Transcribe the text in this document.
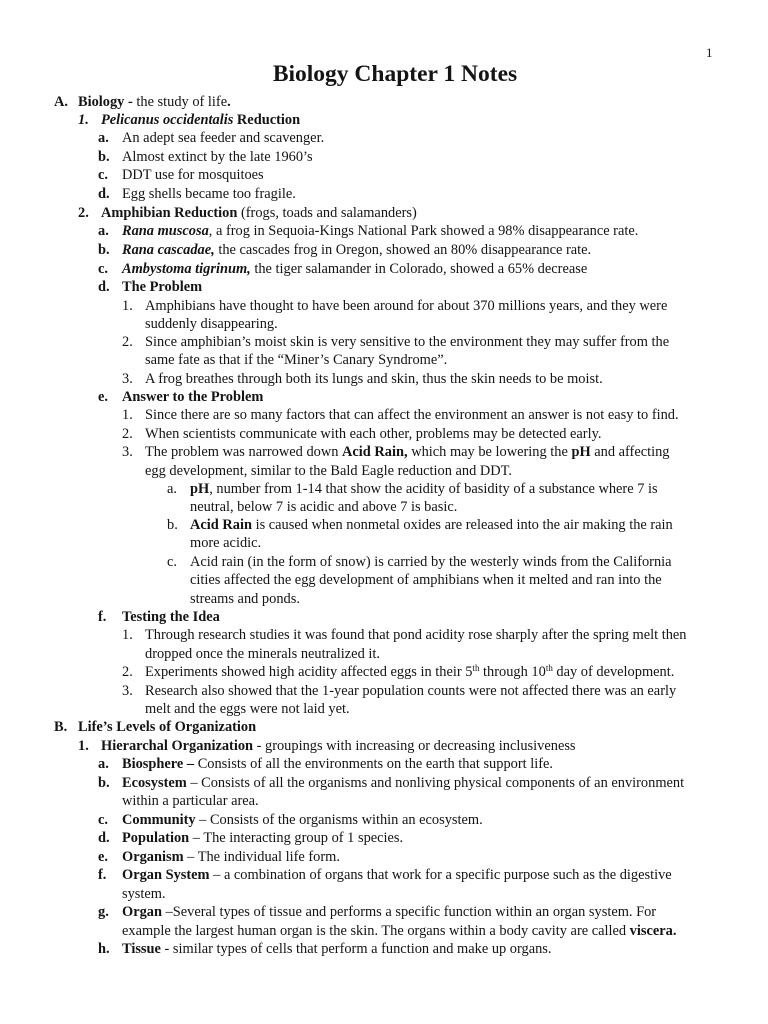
1
Biology Chapter 1 Notes
A. Biology - the study of life.
1. Pelicanus occidentalis Reduction
a. An adept sea feeder and scavenger.
b. Almost extinct by the late 1960’s
c. DDT use for mosquitoes
d. Egg shells became too fragile.
2. Amphibian Reduction (frogs, toads and salamanders)
a. Rana muscosa, a frog in Sequoia-Kings National Park showed a 98% disappearance rate.
b. Rana cascadae, the cascades frog in Oregon, showed an 80% disappearance rate.
c. Ambystoma tigrinum, the tiger salamander in Colorado, showed a 65% decrease
d. The Problem
1. Amphibians have thought to have been around for about 370 millions years, and they were
suddenly disappearing.
2. Since amphibian’s moist skin is very sensitive to the environment they may suffer from the
same fate as that if the “Miner’s Canary Syndrome”.
3. A frog breathes through both its lungs and skin, thus the skin needs to be moist.
e. Answer to the Problem
1. Since there are so many factors that can affect the environment an answer is not easy to find.
2. When scientists communicate with each other, problems may be detected early.
3. The problem was narrowed down Acid Rain, which may be lowering the pH and affecting
egg development, similar to the Bald Eagle reduction and DDT.
a. pH, number from 1-14 that show the acidity of basidity of a substance where 7 is
neutral, below 7 is acidic and above 7 is basic.
b. Acid Rain is caused when nonmetal oxides are released into the air making the rain
more acidic.
c. Acid rain (in the form of snow) is carried by the westerly winds from the California
cities affected the egg development of amphibians when it melted and ran into the
streams and ponds.
f. Testing the Idea
1. Through research studies it was found that pond acidity rose sharply after the spring melt then
dropped once the minerals neutralized it.
2. Experiments showed high acidity affected eggs in their 5th through 10th day of development.
3. Research also showed that the 1-year population counts were not affected there was an early
melt and the eggs were not laid yet.
B. Life’s Levels of Organization
1. Hierarchal Organization - groupings with increasing or decreasing inclusiveness
a. Biosphere – Consists of all the environments on the earth that support life.
b. Ecosystem – Consists of all the organisms and nonliving physical components of an environment
within a particular area.
c. Community – Consists of the organisms within an ecosystem.
d. Population – The interacting group of 1 species.
e. Organism – The individual life form.
f. Organ System – a combination of organs that work for a specific purpose such as the digestive
system.
g. Organ –Several types of tissue and performs a specific function within an organ system. For
example the largest human organ is the skin. The organs within a body cavity are called viscera.
h. Tissue - similar types of cells that perform a function and make up organs.
